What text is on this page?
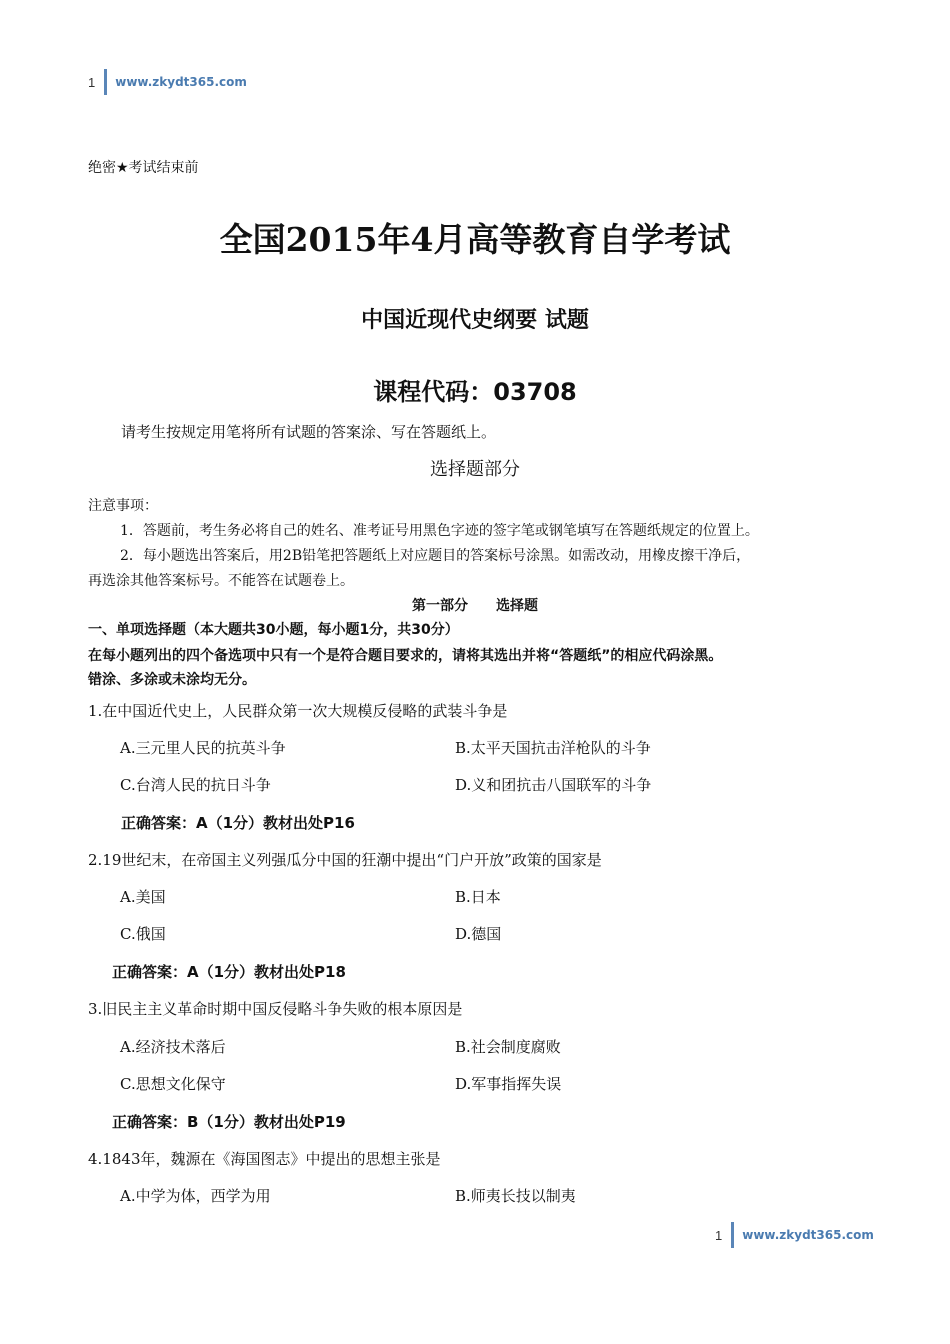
1 www.zkydt365.com
绝密★考试结束前
全国2015年4月高等教育自学考试
中国近现代史纲要 试题
课程代码：03708
请考生按规定用笔将所有试题的答案涂、写在答题纸上。
选择题部分
注意事项：
1．答题前，考生务必将自己的姓名、准考证号用黑色字迹的签字笔或钢笔填写在答题纸规定的位置上。
2．每小题选出答案后，用2B铅笔把答题纸上对应题目的答案标号涂黑。如需改动，用橡皮擦干净后，
再选涂其他答案标号。不能答在试题卷上。
第一部分　　选择题
一、单项选择题（本大题共30小题，每小题1分，共30分）
在每小题列出的四个备选项中只有一个是符合题目要求的，请将其选出并将“答题纸”的相应代码涂黑。
错涂、多涂或未涂均无分。
1.在中国近代史上，人民群众第一次大规模反侵略的武装斗争是
A.三元里人民的抗英斗争	B.太平天国抗击洋枪队的斗争
C.台湾人民的抗日斗争	D.义和团抗击八国联军的斗争
正确答案：A（1分）教材出处P16
2.19世纪末，在帝国主义列强瓜分中国的狂潮中提出“门户开放”政策的国家是
A.美国	B.日本
C.俄国	D.德国
正确答案：A（1分）教材出处P18
3.旧民主主义革命时期中国反侵略斗争失败的根本原因是
A.经济技术落后	B.社会制度腐败
C.思想文化保守	D.军事指挥失误
正确答案：B（1分）教材出处P19
4.1843年，魏源在《海国图志》中提出的思想主张是
A.中学为体，西学为用	B.师夷长技以制夷
1 www.zkydt365.com
